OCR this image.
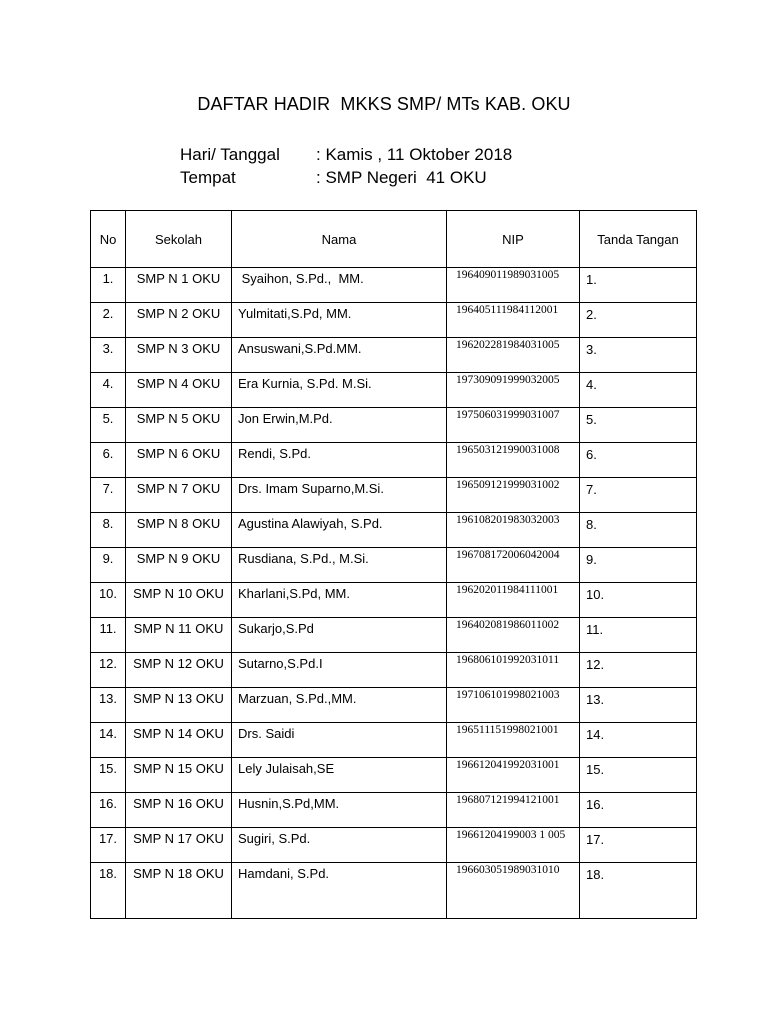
DAFTAR HADIR  MKKS SMP/ MTs KAB. OKU
Hari/ Tanggal : Kamis , 11 Oktober 2018
Tempat	: SMP Negeri  41 OKU
No	Sekolah	Nama	NIP	Tanda Tangan
1.	SMP N 1 OKU	Syaihon, S.Pd.,  MM.	196409011989031005	1.
2.	SMP N 2 OKU	Yulmitati,S.Pd, MM.	196405111984112001	2.
3.	SMP N 3 OKU	Ansuswani,S.Pd.MM.	196202281984031005	3.
4.	SMP N 4 OKU	Era Kurnia, S.Pd. M.Si.	197309091999032005	4.
5.	SMP N 5 OKU	Jon Erwin,M.Pd.	197506031999031007	5.
6.	SMP N 6 OKU	Rendi, S.Pd.	196503121990031008	6.
7.	SMP N 7 OKU	Drs. Imam Suparno,M.Si.	196509121999031002	7.
8.	SMP N 8 OKU	Agustina Alawiyah, S.Pd.	196108201983032003	8.
9.	SMP N 9 OKU	Rusdiana, S.Pd., M.Si.	196708172006042004	9.
10.	SMP N 10 OKU	Kharlani,S.Pd, MM.	196202011984111001	10.
11.	SMP N 11 OKU	Sukarjo,S.Pd	196402081986011002	11.
12.	SMP N 12 OKU	Sutarno,S.Pd.I	196806101992031011	12.
13.	SMP N 13 OKU	Marzuan, S.Pd.,MM.	197106101998021003	13.
14.	SMP N 14 OKU	Drs. Saidi	196511151998021001	14.
15.	SMP N 15 OKU	Lely Julaisah,SE	196612041992031001	15.
16.	SMP N 16 OKU	Husnin,S.Pd,MM.	196807121994121001	16.
17.	SMP N 17 OKU	Sugiri, S.Pd.	19661204199003 1 005	17.
18.	SMP N 18 OKU	Hamdani, S.Pd.	196603051989031010	18.
